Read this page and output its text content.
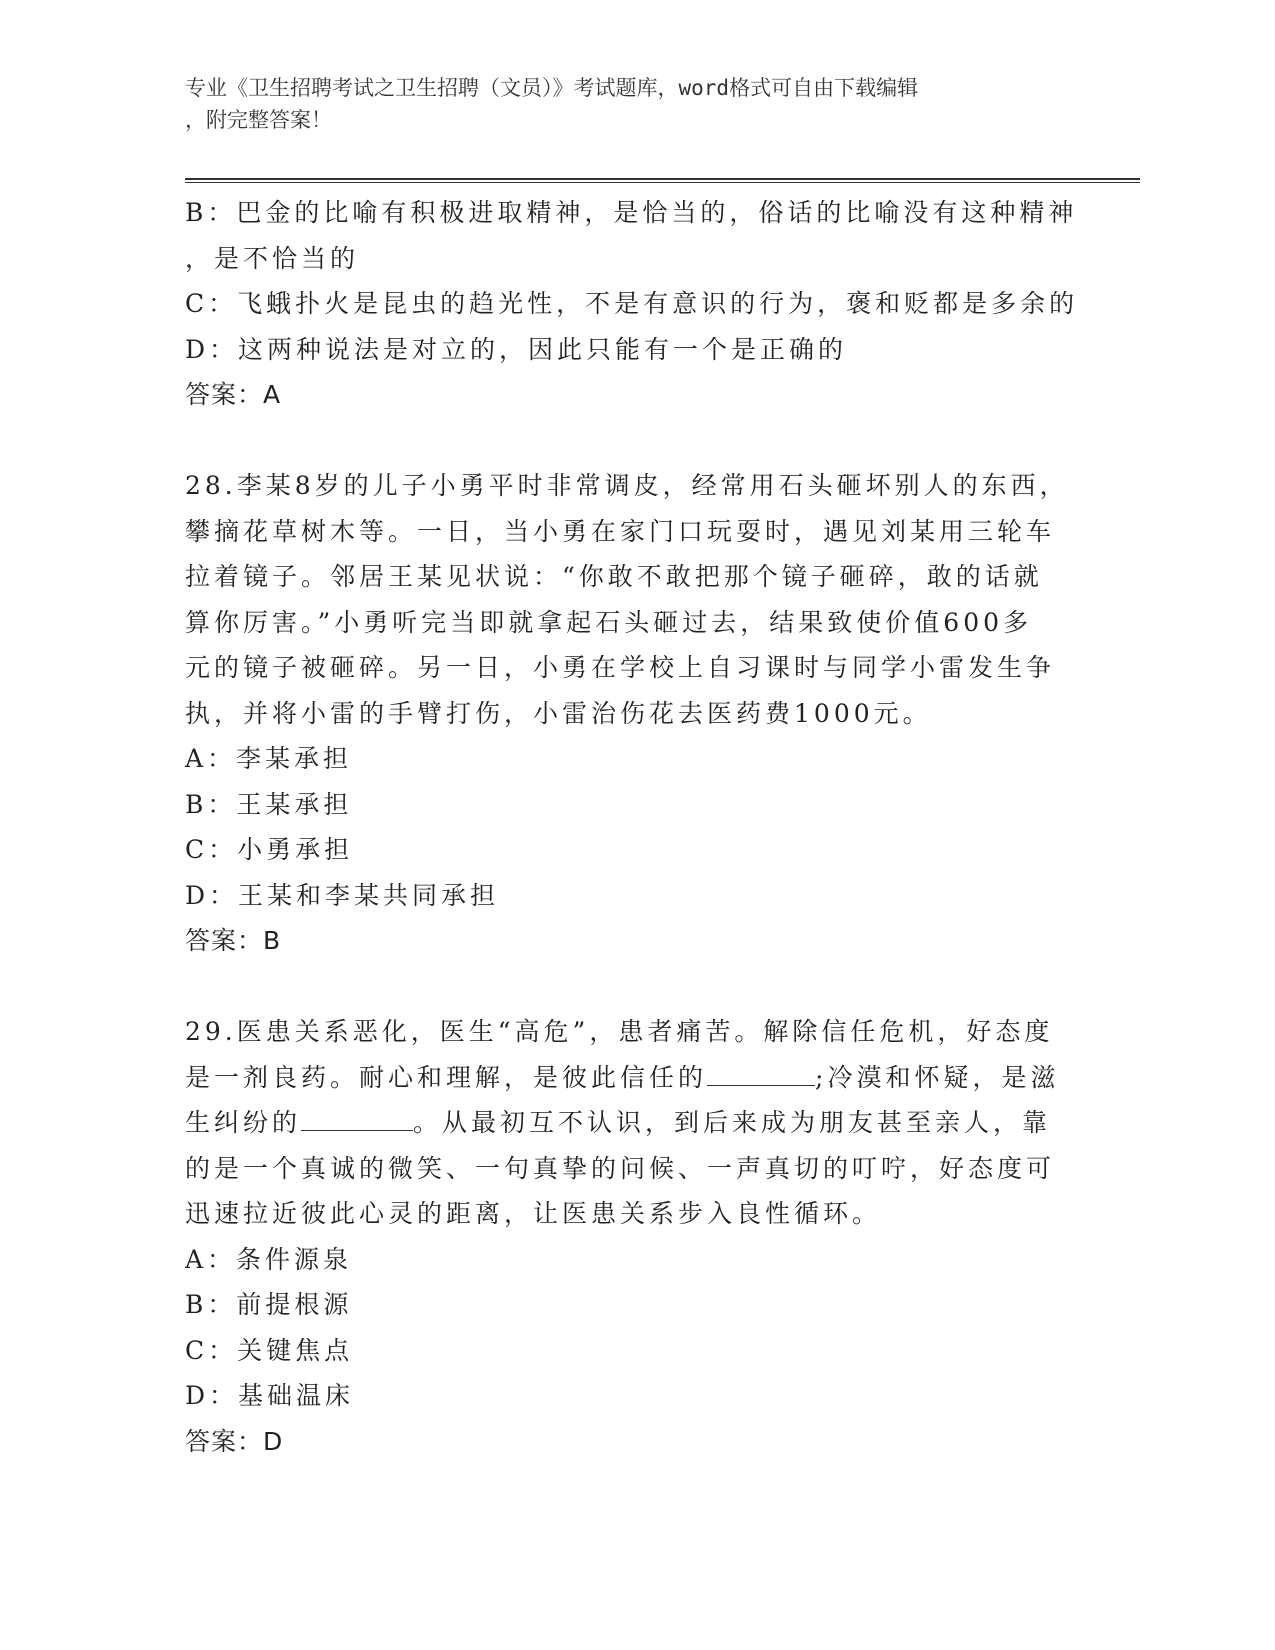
专业《卫生招聘考试之卫生招聘（文员）》考试题库，word格式可自由下载编辑
，附完整答案！
B：巴金的比喻有积极进取精神，是恰当的，俗话的比喻没有这种精神
，是不恰当的
C：飞蛾扑火是昆虫的趋光性，不是有意识的行为，褒和贬都是多余的
D：这两种说法是对立的，因此只能有一个是正确的
答案：A
28.李某8岁的儿子小勇平时非常调皮，经常用石头砸坏别人的东西，
攀摘花草树木等。一日，当小勇在家门口玩耍时，遇见刘某用三轮车
拉着镜子。邻居王某见状说：“你敢不敢把那个镜子砸碎，敢的话就
算你厉害。”小勇听完当即就拿起石头砸过去，结果致使价值600多
元的镜子被砸碎。另一日，小勇在学校上自习课时与同学小雷发生争
执，并将小雷的手臂打伤，小雷治伤花去医药费1000元。
A：李某承担
B：王某承担
C：小勇承担
D：王某和李某共同承担
答案：B
29.医患关系恶化，医生“高危”，患者痛苦。解除信任危机，好态度
是一剂良药。耐心和理解，是彼此信任的	;冷漠和怀疑，是滋
生纠纷的	。从最初互不认识，到后来成为朋友甚至亲人，靠
的是一个真诚的微笑、一句真挚的问候、一声真切的叮咛，好态度可
迅速拉近彼此心灵的距离，让医患关系步入良性循环。
A：条件源泉
B：前提根源
C：关键焦点
D：基础温床
答案：D
